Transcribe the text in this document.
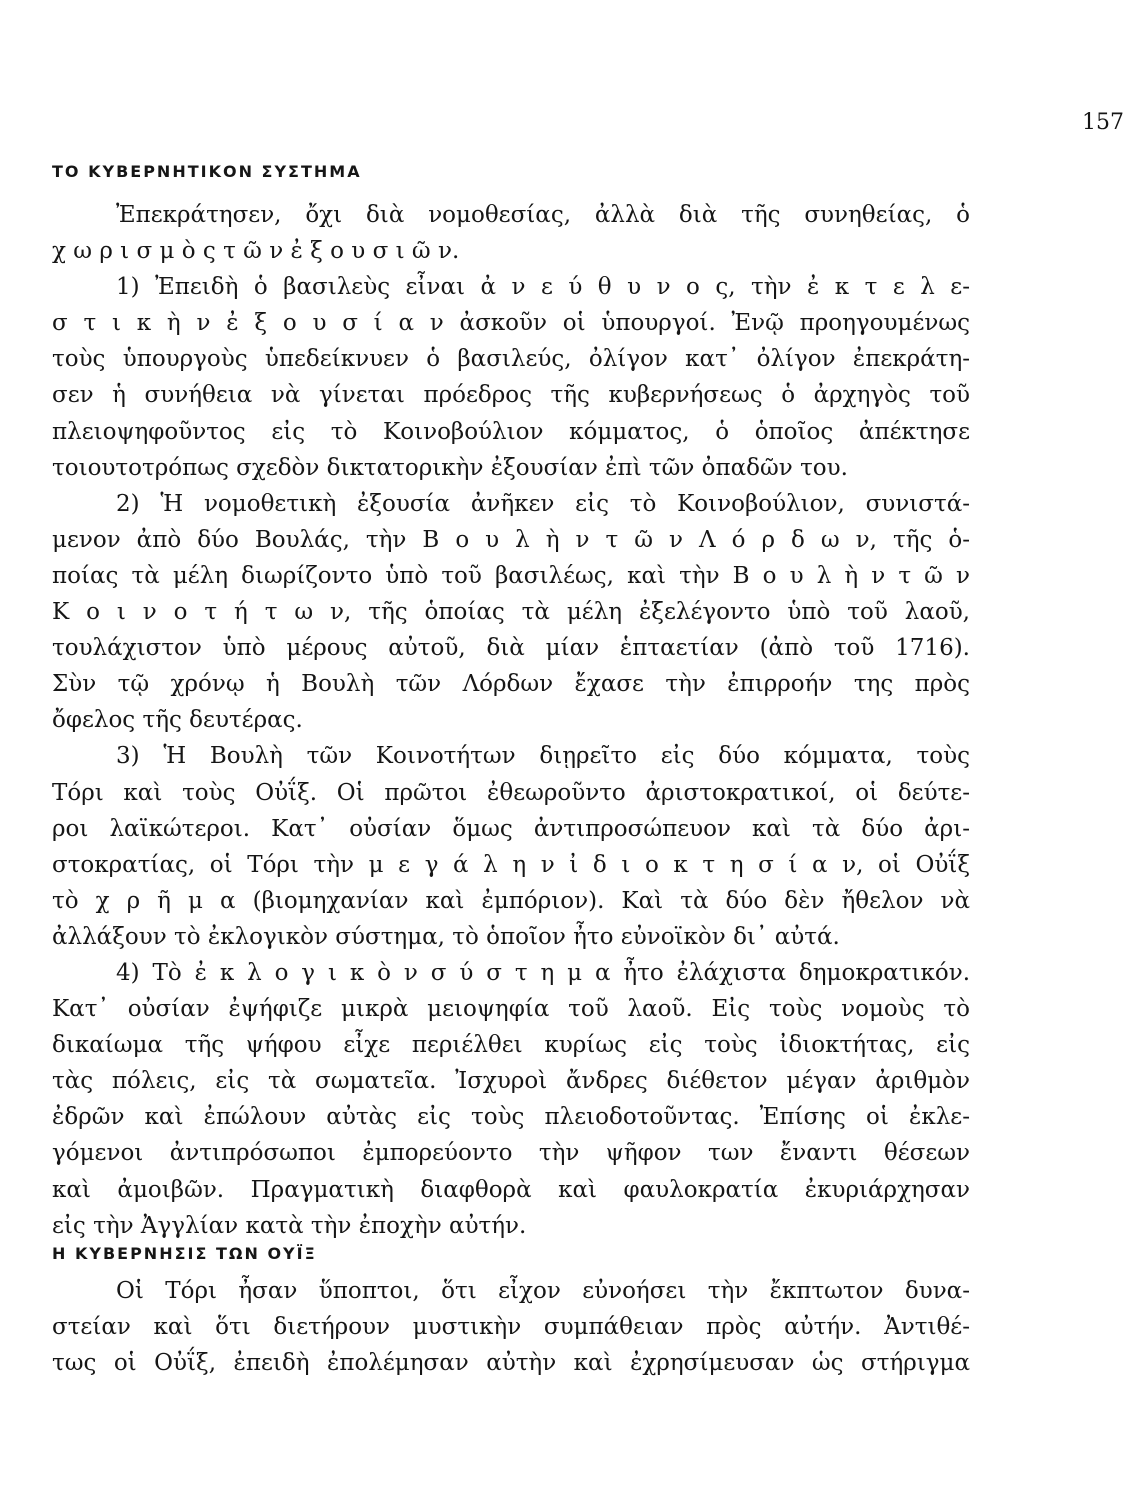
157
ΤΟ ΚΥΒΕΡΝΗΤΙΚΟΝ ΣΥΣΤΗΜΑ
Ἐπεκράτησεν, ὄχι διὰ νομοθεσίας, ἀλλὰ διὰ τῆς συνηθείας, ὁ
χ ω ρ ι σ μ ὸ ς τ ῶ ν ἐ ξ ο υ σ ι ῶ ν.
1) Ἐπειδὴ ὁ βασιλεὺς εἶναι ἀ ν ε ύ θ υ ν ο ς, τὴν ἐ κ τ ε λ ε-
σ τ ι κ ὴ ν ἐ ξ ο υ σ ί α ν ἀσκοῦν οἱ ὑπουργοί. Ἐνῷ προηγουμένως
τοὺς ὑπουργοὺς ὑπεδείκνυεν ὁ βασιλεύς, ὀλίγον κατ᾽ ὀλίγον ἐπεκράτη-
σεν ἡ συνήθεια νὰ γίνεται πρόεδρος τῆς κυβερνήσεως ὁ ἀρχηγὸς τοῦ
πλειοψηφοῦντος εἰς τὸ Κοινοβούλιον κόμματος, ὁ ὁποῖος ἀπέκτησε
τοιουτοτρόπως σχεδὸν δικτατορικὴν ἐξουσίαν ἐπὶ τῶν ὀπαδῶν του.
2) Ἡ νομοθετικὴ ἐξουσία ἀνῆκεν εἰς τὸ Κοινοβούλιον, συνιστά-
μενον ἀπὸ δύο Βουλάς, τὴν Β ο υ λ ὴ ν τ ῶ ν Λ ό ρ δ ω ν, τῆς ὁ-
ποίας τὰ μέλη διωρίζοντο ὑπὸ τοῦ βασιλέως, καὶ τὴν Β ο υ λ ὴ ν τ ῶ ν
Κ ο ι ν ο τ ή τ ω ν, τῆς ὁποίας τὰ μέλη ἐξελέγοντο ὑπὸ τοῦ λαοῦ,
τουλάχιστον ὑπὸ μέρους αὐτοῦ, διὰ μίαν ἑπταετίαν (ἀπὸ τοῦ 1716).
Σὺν τῷ χρόνῳ ἡ Βουλὴ τῶν Λόρδων ἔχασε τὴν ἐπιρροήν της πρὸς
ὄφελος τῆς δευτέρας.
3) Ἡ Βουλὴ τῶν Κοινοτήτων διῃρεῖτο εἰς δύο κόμματα, τοὺς
Τόρι καὶ τοὺς Οὐΐξ. Οἱ πρῶτοι ἐθεωροῦντο ἀριστοκρατικοί, οἱ δεύτε-
ροι λαϊκώτεροι. Κατ᾽ οὐσίαν ὅμως ἀντιπροσώπευον καὶ τὰ δύο ἀρι-
στοκρατίας, οἱ Τόρι τὴν μ ε γ ά λ η ν ἰ δ ι ο κ τ η σ ί α ν, οἱ Οὐΐξ
τὸ χ ρ ῆ μ α (βιομηχανίαν καὶ ἐμπόριον). Καὶ τὰ δύο δὲν ἤθελον νὰ
ἀλλάξουν τὸ ἐκλογικὸν σύστημα, τὸ ὁποῖον ἦτο εὐνοϊκὸν δι᾽ αὐτά.
4) Τὸ ἐ κ λ ο γ ι κ ὸ ν σ ύ σ τ η μ α ἦτο ἐλάχιστα δημοκρατικόν.
Κατ᾽ οὐσίαν ἐψήφιζε μικρὰ μειοψηφία τοῦ λαοῦ. Εἰς τοὺς νομοὺς τὸ
δικαίωμα τῆς ψήφου εἶχε περιέλθει κυρίως εἰς τοὺς ἰδιοκτήτας, εἰς
τὰς πόλεις, εἰς τὰ σωματεῖα. Ἰσχυροὶ ἄνδρες διέθετον μέγαν ἀριθμὸν
ἐδρῶν καὶ ἐπώλουν αὐτὰς εἰς τοὺς πλειοδοτοῦντας. Ἐπίσης οἱ ἐκλε-
γόμενοι ἀντιπρόσωποι ἐμπορεύοντο τὴν ψῆφον των ἔναντι θέσεων
καὶ ἀμοιβῶν. Πραγματικὴ διαφθορὰ καὶ φαυλοκρατία ἐκυριάρχησαν
εἰς τὴν Ἀγγλίαν κατὰ τὴν ἐποχὴν αὐτήν.
Η ΚΥΒΕΡΝΗΣΙΣ ΤΩΝ ΟΥΪΞ
Οἱ Τόρι ἦσαν ὕποπτοι, ὅτι εἶχον εὐνοήσει τὴν ἔκπτωτον δυνα-
στείαν καὶ ὅτι διετήρουν μυστικὴν συμπάθειαν πρὸς αὐτήν. Ἀντιθέ-
τως οἱ Οὐΐξ, ἐπειδὴ ἐπολέμησαν αὐτὴν καὶ ἐχρησίμευσαν ὡς στήριγμα
